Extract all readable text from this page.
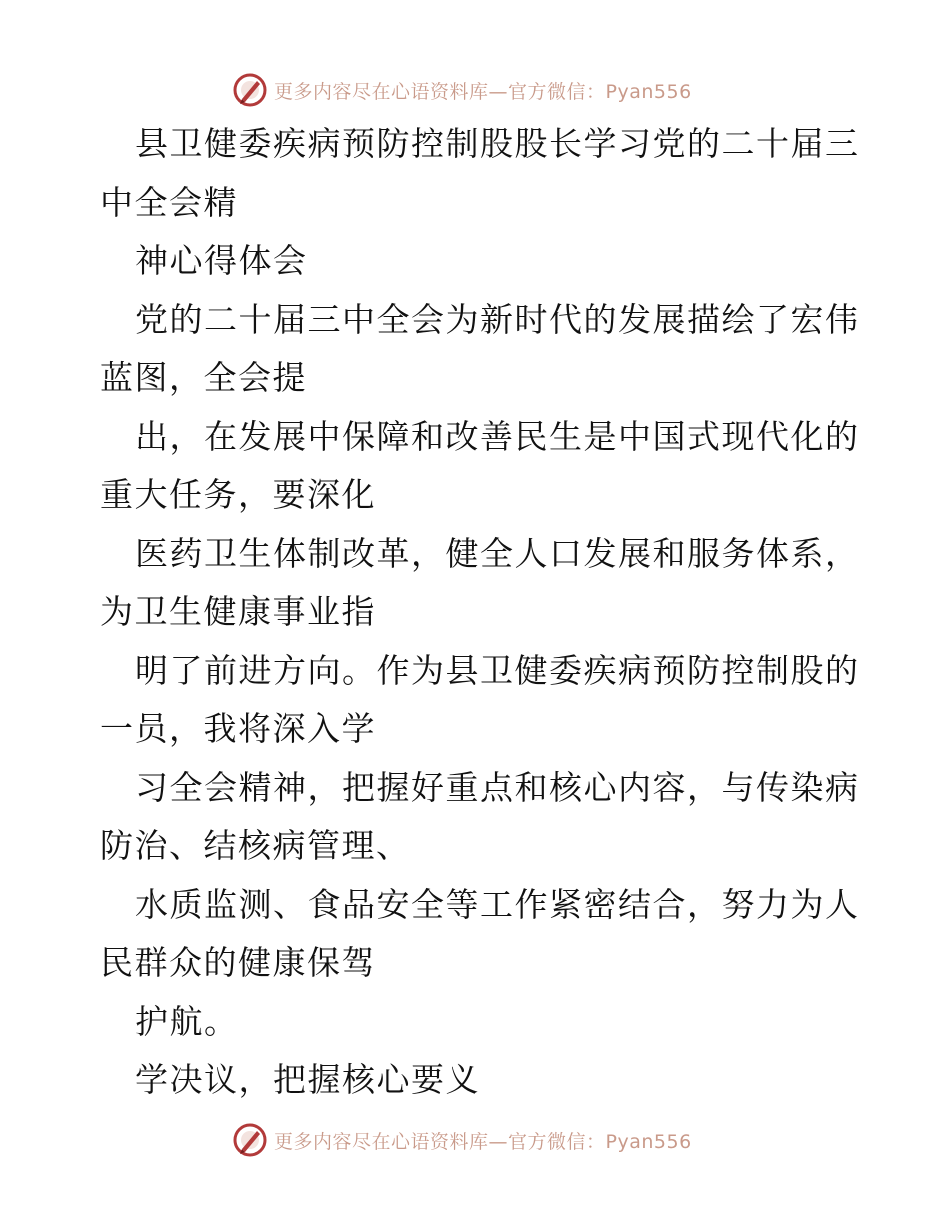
更多内容尽在心语资料库—官方微信：Pyan556
县卫健委疾病预防控制股股长学习党的二十届三
中全会精
神心得体会
党的二十届三中全会为新时代的发展描绘了宏伟
蓝图，全会提
出，在发展中保障和改善民生是中国式现代化的
重大任务，要深化
医药卫生体制改革，健全人口发展和服务体系，
为卫生健康事业指
明了前进方向。作为县卫健委疾病预防控制股的
一员，我将深入学
习全会精神，把握好重点和核心内容，与传染病
防治、结核病管理、
水质监测、食品安全等工作紧密结合，努力为人
民群众的健康保驾
护航。
学决议，把握核心要义
更多内容尽在心语资料库—官方微信：Pyan556
